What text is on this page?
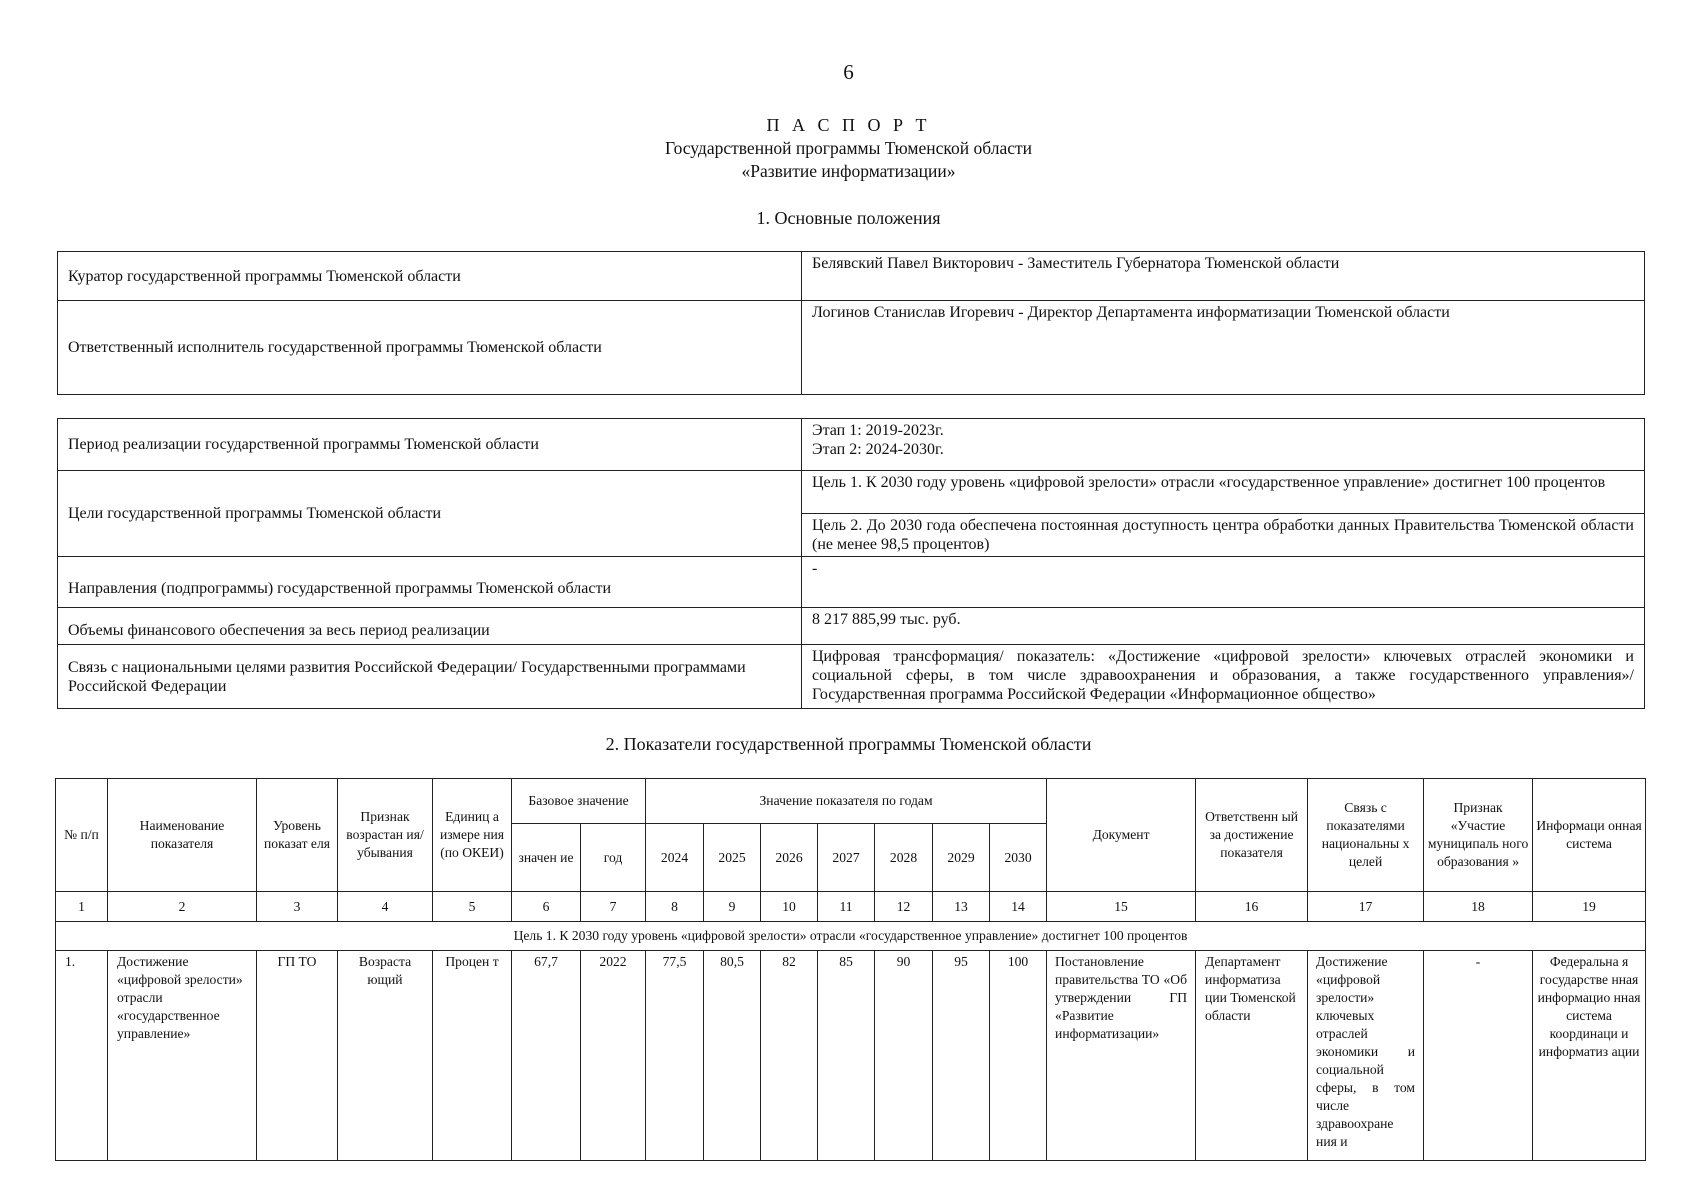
6
П А С П О Р Т
Государственной программы Тюменской области
«Развитие информатизации»
1. Основные положения
Куратор государственной программы Тюменской области	Белявский Павел Викторович - Заместитель Губернатора Тюменской области
Ответственный исполнитель государственной программы Тюменской области	Логинов Станислав Игоревич - Директор Департамента информатизации Тюменской области
Период реализации государственной программы Тюменской области	Этап 1: 2019-2023г.
Этап 2: 2024-2030г.

Цели государственной программы Тюменской области	Цель 1. К 2030 году уровень «цифровой зрелости» отрасли «государственное управление» достигнет 100 процентов
	Цель 2. До 2030 года обеспечена постоянная доступность центра обработки данных Правительства Тюменской области (не менее 98,5 процентов)
Направления (подпрограммы) государственной программы Тюменской области	-
Объемы финансового обеспечения за весь период реализации	8 217 885,99 тыс. руб.
Связь с национальными целями развития Российской Федерации/ Государственными программами Российской Федерации	Цифровая трансформация/ показатель: «Достижение «цифровой зрелости» ключевых отраслей экономики и социальной сферы, в том числе здравоохранения и образования, а также государственного управления»/ Государственная программа Российской Федерации «Информационное общество»
2. Показатели государственной программы Тюменской области
№ п/п	Наименование показателя	Уровень показат еля	Признак возрастан ия/ убывания	Единиц а измере ния (по ОКЕИ)	Базовое значение		Значение показателя по годам							Документ	Ответственн ый за достижение показателя	Связь с показателями национальны х целей	Признак «Участие муниципаль ного образования »	Информаци онная система
					значен ие	год	2024	2025	2026	2027	2028	2029	2030					
1	2	3	4	5	6	7	8	9	10	11	12	13	14	15	16	17	18	19
Цель 1. К 2030 году уровень «цифровой зрелости» отрасли «государственное управление» достигнет 100 процентов																		
1.	Достижение «цифровой зрелости» отрасли «государственное управление»	ГП ТО	Возраста ющий	Процен т	67,7	2022	77,5	80,5	82	85	90	95	100	Постановление правительства ТО «Об утверждении ГП «Развитие информатизации»	Департамент информатиза ции Тюменской области	Достижение «цифровой зрелости» ключевых отраслей экономики и социальной сферы, в том числе здравоохране ния и	-	Федеральна я государстве нная информацио нная система координаци и информатиз ации
